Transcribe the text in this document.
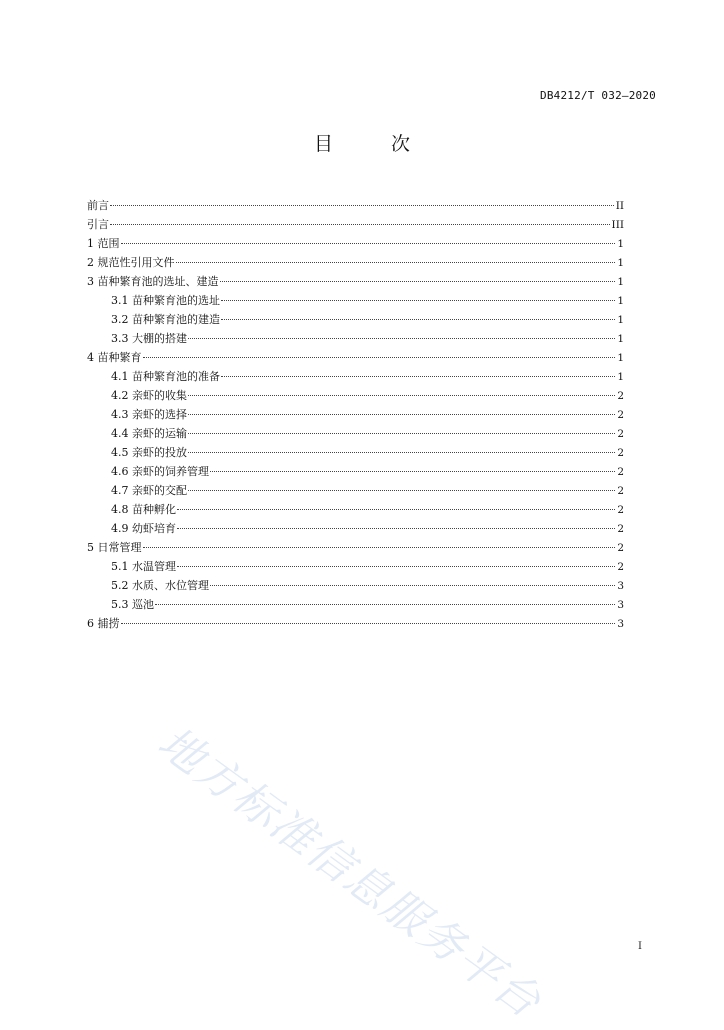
DB4212/T 032—2020
目 次
前言	II
引言	III
1 范围	1
2 规范性引用文件	1
3 苗种繁育池的选址、建造	1
3.1 苗种繁育池的选址	1
3.2 苗种繁育池的建造	1
3.3 大棚的搭建	1
4 苗种繁育	1
4.1 苗种繁育池的准备	1
4.2 亲虾的收集	2
4.3 亲虾的选择	2
4.4 亲虾的运输	2
4.5 亲虾的投放	2
4.6 亲虾的饲养管理	2
4.7 亲虾的交配	2
4.8 苗种孵化	2
4.9 幼虾培育	2
5 日常管理	2
5.1 水温管理	2
5.2 水质、水位管理	3
5.3 巡池	3
6 捕捞	3
I
地方标准信息服务平台
